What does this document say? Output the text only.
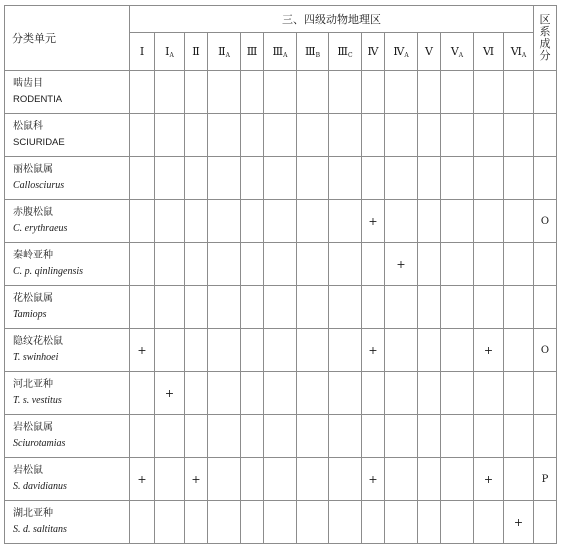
分类单元	三、四级动物地理区														区
系
成
分

	Ⅰ	$Ⅰ_A$	Ⅱ	$Ⅱ_A$	Ⅲ	$Ⅲ_A$	$Ⅲ_B$	$Ⅲ_C$	Ⅳ	$Ⅳ_A$	Ⅴ	$Ⅴ_A$	Ⅵ	$Ⅵ_A$

啮齿目
RODENTIA															

松鼠科
SCIURIDAE															

丽松鼠属
Callosciurus															

赤腹松鼠
C. erythraeus									+						O

秦岭亚种
C. p. qinlingensis										+					

花松鼠属
Tamiops															

隐纹花松鼠
T. swinhoei	+								+				+		O

河北亚种
T. s. vestitus		+													

岩松鼠属
Sciurotamias															

岩松鼠
S. davidianus	+		+						+				+		P

湖北亚种
S. d. saltitans														+	
